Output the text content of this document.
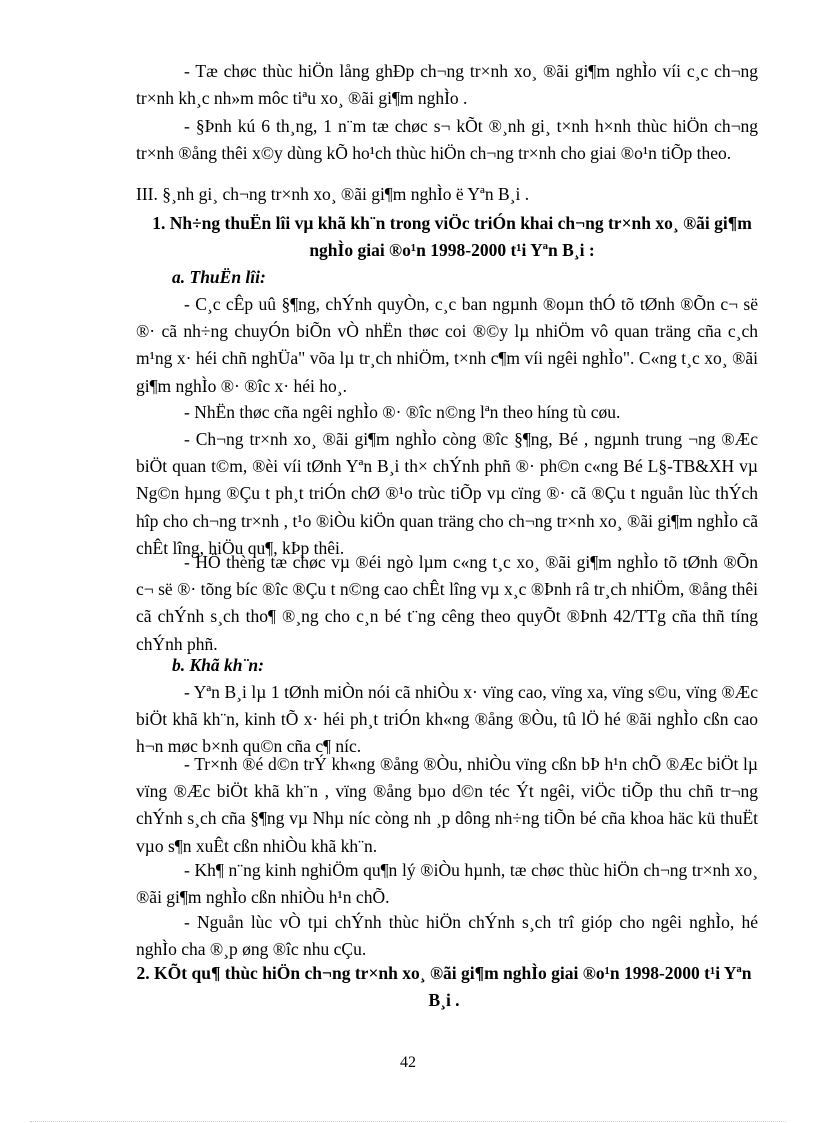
- Tæ chøc thùc hiÖn lång ghÐp ch¬ng tr×nh xo¸ ®ãi gi¶m nghÌo víi c¸c ch¬ng tr×nh kh¸c nh»m môc tiªu xo¸ ®ãi gi¶m nghÌo .
- §Þnh kú 6 th¸ng, 1 n¨m tæ chøc s¬ kÕt ®¸nh gi¸ t×nh h×nh thùc hiÖn ch¬ng tr×nh ®ång thêi x©y dùng kÕ ho¹ch thùc hiÖn ch¬ng tr×nh cho giai ®o¹n tiÕp theo.
III. §¸nh gi¸ ch¬ng tr×nh xo¸ ®ãi gi¶m nghÌo ë Yªn B¸i .
1. Nh÷ng thuËn lîi vµ khã kh¨n trong viÖc triÓn khai ch¬ng tr×nh xo¸ ®ãi gi¶m nghÌo giai ®o¹n 1998-2000 t¹i Yªn B¸i :
a. ThuËn lîi:
- C¸c cÊp uû §¶ng, chÝnh quyÒn, c¸c ban ngµnh ®oµn thÓ tõ tØnh ®Õn c¬ së ®· cã nh÷ng chuyÓn biÕn vÒ nhËn thøc coi ®©y lµ nhiÖm vô quan träng cña c¸ch m¹ng x· héi chñ nghÜa" võa lµ tr¸ch nhiÖm, t×nh c¶m víi ngêi nghÌo". C«ng t¸c xo¸ ®ãi gi¶m nghÌo ®· ®îc x· héi ho¸.
- NhËn thøc cña ngêi nghÌo ®· ®îc n©ng lªn theo híng tù cøu.
- Ch¬ng tr×nh xo¸ ®ãi gi¶m nghÌo còng ®îc §¶ng, Bé , ngµnh trung ¬ng ®Æc biÖt quan t©m, ®èi víi tØnh Yªn B¸i th× chÝnh phñ ®· ph©n c«ng Bé L§-TB&XH vµ Ng©n hµng ®Çu t ph¸t triÓn chØ ®¹o trùc tiÕp vµ cïng ®· cã ®Çu t nguån lùc thÝch hîp cho ch¬ng tr×nh , t¹o ®iÒu kiÖn quan träng cho ch¬ng tr×nh xo¸ ®ãi gi¶m nghÌo cã chÊt lîng, hiÖu qu¶, kÞp thêi.
- HÖ thèng tæ chøc vµ ®éi ngò lµm c«ng t¸c xo¸ ®ãi gi¶m nghÌo tõ tØnh ®Õn c¬ së ®· tõng bíc ®îc ®Çu t n©ng cao chÊt lîng vµ x¸c ®Þnh râ tr¸ch nhiÖm, ®ång thêi cã chÝnh s¸ch tho¶ ®¸ng cho c¸n bé t¨ng cêng theo quyÕt ®Þnh 42/TTg cña thñ tíng chÝnh phñ.
b. Khã kh¨n:
- Yªn B¸i lµ 1 tØnh miÒn nói cã nhiÒu x· vïng cao, vïng xa, vïng s©u, vïng ®Æc biÖt khã kh¨n, kinh tÕ x· héi ph¸t triÓn kh«ng ®ång ®Òu, tû lÖ hé ®ãi nghÌo cßn cao h¬n møc b×nh qu©n cña c¶ níc.
- Tr×nh ®é d©n trÝ kh«ng ®ång ®Òu, nhiÒu vïng cßn bÞ h¹n chÕ ®Æc biÖt lµ vïng ®Æc biÖt khã kh¨n , vïng ®ång bµo d©n téc Ýt ngêi, viÖc tiÕp thu chñ tr¬ng chÝnh s¸ch cña §¶ng vµ Nhµ níc còng nh ¸p dông nh÷ng tiÕn bé cña khoa häc kü thuËt vµo s¶n xuÊt cßn nhiÒu khã kh¨n.
- Kh¶ n¨ng kinh nghiÖm qu¶n lý ®iÒu hµnh, tæ chøc thùc hiÖn ch¬ng tr×nh xo¸ ®ãi gi¶m nghÌo cßn nhiÒu h¹n chÕ.
- Nguån lùc vÒ tµi chÝnh thùc hiÖn chÝnh s¸ch trî gióp cho ngêi nghÌo, hé nghÌo cha ®¸p øng ®îc nhu cÇu.
2. KÕt qu¶ thùc hiÖn ch¬ng tr×nh xo¸ ®ãi gi¶m nghÌo giai ®o¹n 1998-2000 t¹i Yªn B¸i .
42
